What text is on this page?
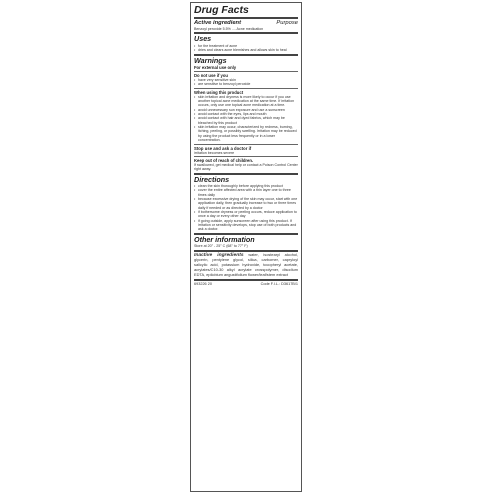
Drug Facts
Active ingredient	Purpose
Benzoyl peroxide 5.5% .... Acne medication
Uses
• for the treatment of acne
• dries and clears acne blemishes and allows skin to heal
Warnings
For external use only
Do not use if you
• have very sensitive skin
• are sensitive to benzoyl peroxide
When using this product
• skin irritation and dryness is more likely to occur if you use another topical acne medication at the same time. If irritation occurs, only use one topical acne medication at a time.
• avoid unnecessary sun exposure and use a sunscreen
• avoid contact with the eyes, lips and mouth
• avoid contact with hair and dyed fabrics, which may be bleached by this product
• skin irritation may occur, characterized by redness, burning, itching, peeling, or possibly swelling. Irritation may be reduced by using the product less frequently or in a lower concentration.
Stop use and ask a doctor if
irritation becomes severe
Keep out of reach of children.
If swallowed, get medical help or contact a Poison Control Center right away.
Directions
• clean the skin thoroughly before applying this product
• cover the entire affected area with a thin layer one to three times daily
• because excessive drying of the skin may occur, start with one application daily, then gradually increase to two or three times daily if needed or as directed by a doctor
• if bothersome dryness or peeling occurs, reduce application to once a day or every other day
• if going outside, apply sunscreen after using this product. If irritation or sensitivity develops, stop use of both products and ask a doctor.
Other information
Store at 20° - 25° C (68° to 77° F)
Inactive ingredients water, isostearyl alcohol, glycerin, pentylene glycol, silica, carbomer, capryloyl salicylic acid, potassium hydroxide, tocopheryl acetate, acrylates/C10-30 alkyl acrylate crosspolymer, disodium EDTA, epilobium angustifolium flower/leaf/stem extract
693226 20	Code F.I.L.: D3617B/1
